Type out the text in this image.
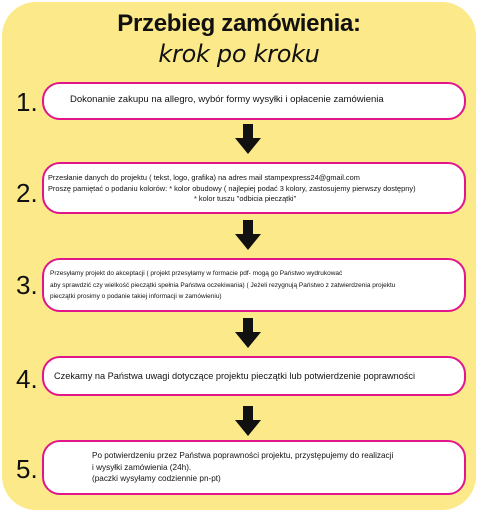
Przebieg zamówienia:
krok po kroku
1.	Dokonanie zakupu na allegro, wybór formy wysyłki i opłacenie zamówienia
2.
Przesłanie danych do projektu ( tekst, logo, grafika) na adres mail stampexpress24@gmail.com
Proszę pamiętać o podaniu kolorów: * kolor obudowy ( najlepiej podać 3 kolory, zastosujemy pierwszy dostępny)
* kolor tuszu "odbicia pieczątki"
3.	Przesyłamy projekt do akceptacji ( projekt przesyłamy w formacie pdf- mogą go Państwo wydrukować
aby sprawdzić czy wielkość pieczątki spełnia Państwa oczekiwania) ( Jeżeli rezygnują Państwo z zatwierdzenia projektu
pieczątki prosimy o podanie takiej informacji w zamówieniu)
4.	Czekamy na Państwa uwagi dotyczące projektu pieczątki lub potwierdzenie poprawności
5.	Po potwierdzeniu przez Państwa poprawności projektu, przystępujemy do realizacji
i wysyłki zamówienia (24h).
(paczki wysyłamy codziennie pn-pt)
